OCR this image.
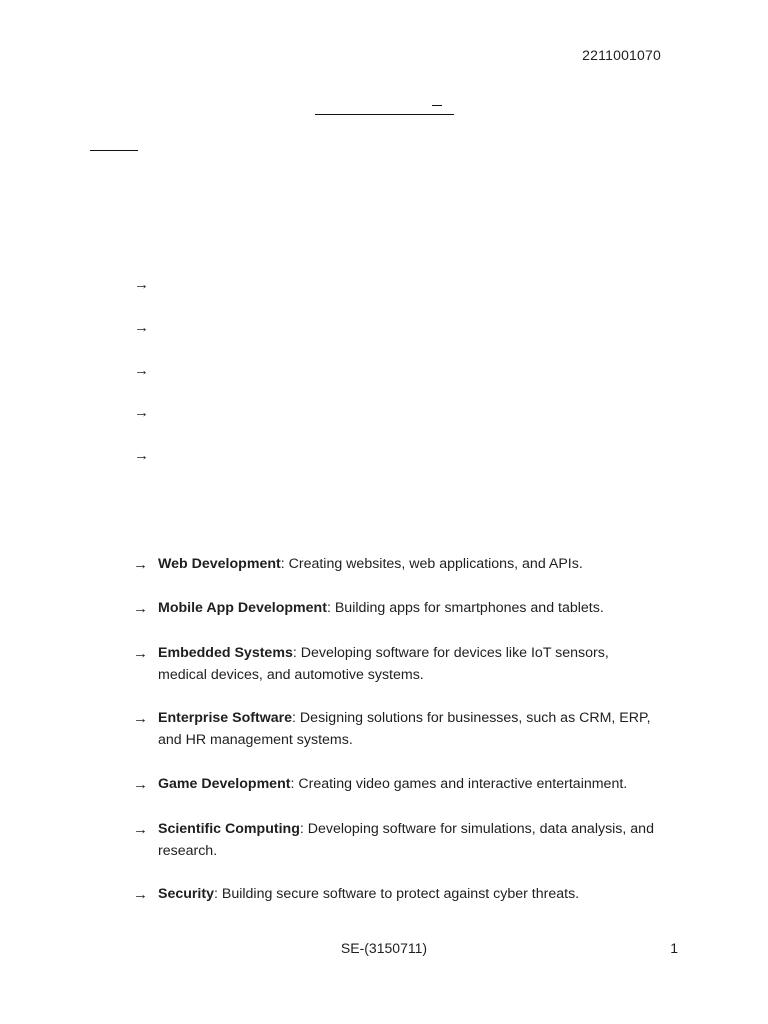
2211001070
→
→
→
→
→
→ Web Development: Creating websites, web applications, and APIs.
→ Mobile App Development: Building apps for smartphones and tablets.
→ Embedded Systems: Developing software for devices like IoT sensors, medical devices, and automotive systems.
→ Enterprise Software: Designing solutions for businesses, such as CRM, ERP, and HR management systems.
→ Game Development: Creating video games and interactive entertainment.
→ Scientific Computing: Developing software for simulations, data analysis, and research.
→ Security: Building secure software to protect against cyber threats.
SE-(3150711)	1
